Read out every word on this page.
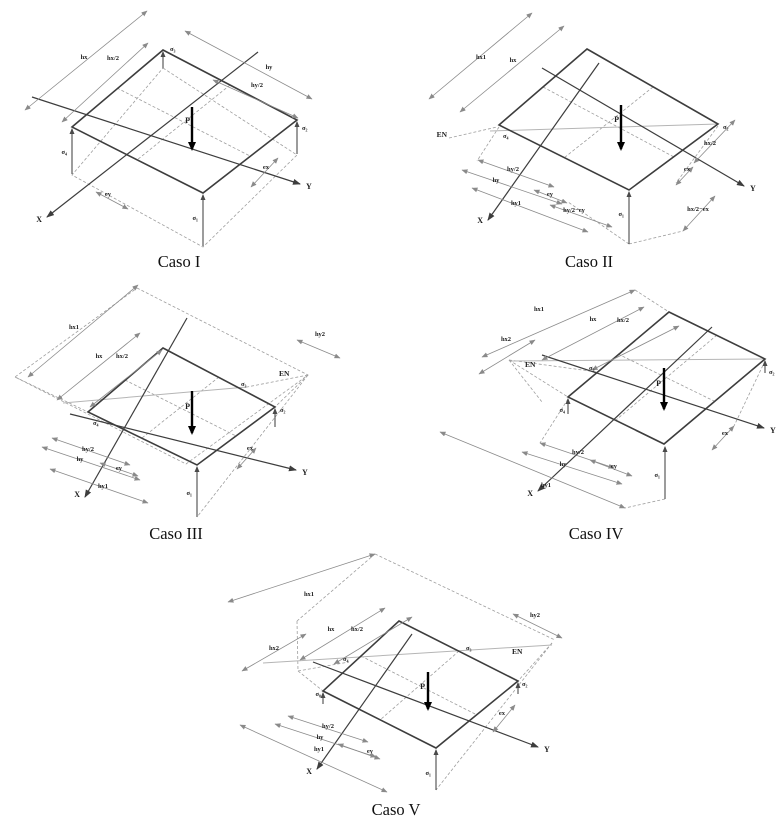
hx	hx/2
hy
hy/2
ex
ey
P
X
Y
σ₃
σ₂
σ₄
σ₁
Caso I
hx1	hx
hx/2
ex
hx/2−ex
hy/2
hy
hy1
ey
hy/2−ey
EN
P
X
Y
σ₄
σ₂
σ₁
Caso II
hx1
hx hx/2
hy2
hy/2
hy
ey
hy1
ex
EN
P
X
Y
σ₃
σ₄
σ₂
σ₁
Caso III
hx1
hx	hx/2
hx2
hy/2
hy
hy1
ey
ex
EN
P
X
Y
σ₃
σ₄
σ₂
σ₁
Caso IV
hx1
hx2
hx	hx/2
hy2
hy/2
hy
hy1	ey
ex
EN
P
X
Y
σ₄
σ₃
σ₀
σ₂
σ₁
Caso V
